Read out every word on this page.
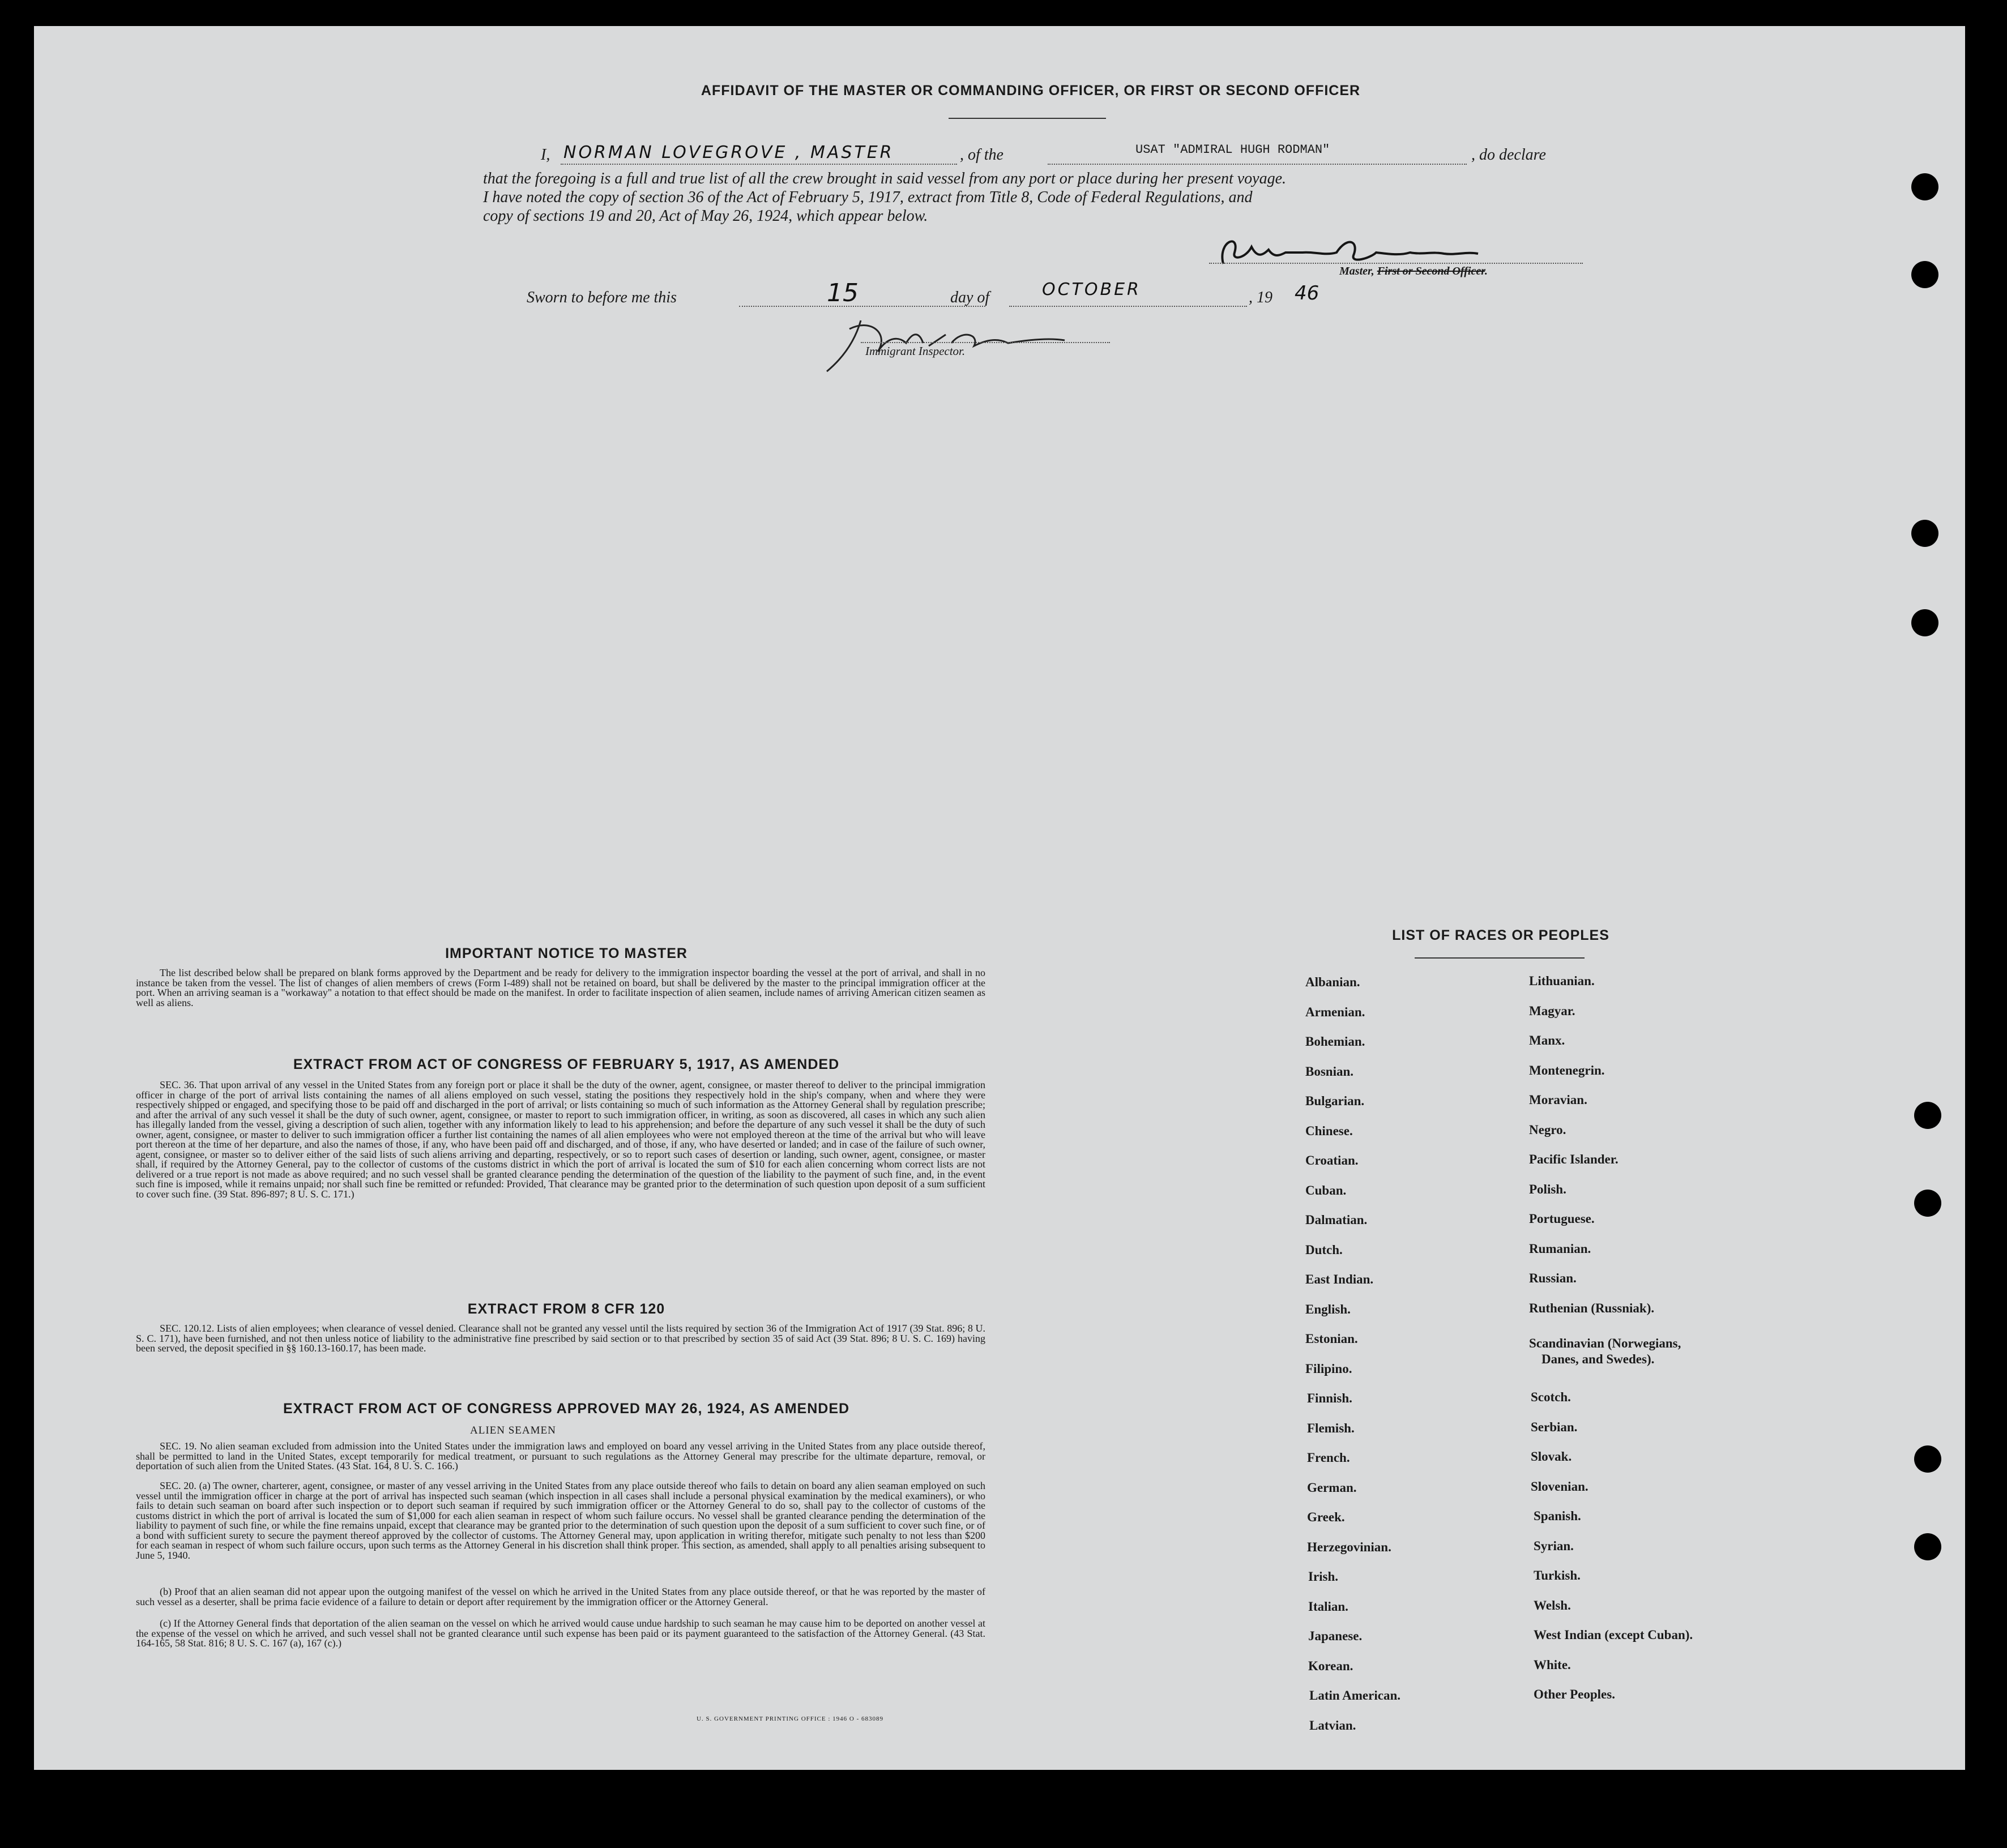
AFFIDAVIT OF THE MASTER OR COMMANDING OFFICER, OR FIRST OR SECOND OFFICER
I, NORMAN LOVEGROVE , MASTER	, of the	USAT "ADMIRAL HUGH RODMAN"	, do declare
that the foregoing is a full and true list of all the crew brought in said vessel from any port or place during her present voyage.
I have noted the copy of section 36 of the Act of February 5, 1917, extract from Title 8, Code of Federal Regulations, and
copy of sections 19 and 20, Act of May 26, 1924, which appear below.
Master, First or Second Officer.
Sworn to before me this	15	day of	OCTOBER	, 19 46
Immigrant Inspector.
IMPORTANT NOTICE TO MASTER
The list described below shall be prepared on blank forms approved by the Department and be ready for delivery to the immigration inspector boarding the vessel at the port of arrival, and shall in no instance be taken from the vessel. The list of changes of alien members of crews (Form I-489) shall not be retained on board, but shall be delivered by the master to the principal immigration officer at the port. When an arriving seaman is a "workaway" a notation to that effect should be made on the manifest. In order to facilitate inspection of alien seamen, include names of arriving American citizen seamen as well as aliens.
EXTRACT FROM ACT OF CONGRESS OF FEBRUARY 5, 1917, AS AMENDED
SEC. 36. That upon arrival of any vessel in the United States from any foreign port or place it shall be the duty of the owner, agent, consignee, or master thereof to deliver to the principal immigration officer in charge of the port of arrival lists containing the names of all aliens employed on such vessel, stating the positions they respectively hold in the ship's company, when and where they were respectively shipped or engaged, and specifying those to be paid off and discharged in the port of arrival; or lists containing so much of such information as the Attorney General shall by regulation prescribe; and after the arrival of any such vessel it shall be the duty of such owner, agent, consignee, or master to report to such immigration officer, in writing, as soon as discovered, all cases in which any such alien has illegally landed from the vessel, giving a description of such alien, together with any information likely to lead to his apprehension; and before the departure of any such vessel it shall be the duty of such owner, agent, consignee, or master to deliver to such immigration officer a further list containing the names of all alien employees who were not employed thereon at the time of the arrival but who will leave port thereon at the time of her departure, and also the names of those, if any, who have been paid off and discharged, and of those, if any, who have deserted or landed; and in case of the failure of such owner, agent, consignee, or master so to deliver either of the said lists of such aliens arriving and departing, respectively, or so to report such cases of desertion or landing, such owner, agent, consignee, or master shall, if required by the Attorney General, pay to the collector of customs of the customs district in which the port of arrival is located the sum of $10 for each alien concerning whom correct lists are not delivered or a true report is not made as above required; and no such vessel shall be granted clearance pending the determination of the question of the liability to the payment of such fine, and, in the event such fine is imposed, while it remains unpaid; nor shall such fine be remitted or refunded: Provided, That clearance may be granted prior to the determination of such question upon deposit of a sum sufficient to cover such fine. (39 Stat. 896-897; 8 U. S. C. 171.)
EXTRACT FROM 8 CFR 120
SEC. 120.12. Lists of alien employees; when clearance of vessel denied. Clearance shall not be granted any vessel until the lists required by section 36 of the Immigration Act of 1917 (39 Stat. 896; 8 U. S. C. 171), have been furnished, and not then unless notice of liability to the administrative fine prescribed by said section or to that prescribed by section 35 of said Act (39 Stat. 896; 8 U. S. C. 169) having been served, the deposit specified in §§ 160.13-160.17, has been made.
EXTRACT FROM ACT OF CONGRESS APPROVED MAY 26, 1924, AS AMENDED
ALIEN SEAMEN
SEC. 19. No alien seaman excluded from admission into the United States under the immigration laws and employed on board any vessel arriving in the United States from any place outside thereof, shall be permitted to land in the United States, except temporarily for medical treatment, or pursuant to such regulations as the Attorney General may prescribe for the ultimate departure, removal, or deportation of such alien from the United States. (43 Stat. 164, 8 U. S. C. 166.)
SEC. 20. (a) The owner, charterer, agent, consignee, or master of any vessel arriving in the United States from any place outside thereof who fails to detain on board any alien seaman employed on such vessel until the immigration officer in charge at the port of arrival has inspected such seaman (which inspection in all cases shall include a personal physical examination by the medical examiners), or who fails to detain such seaman on board after such inspection or to deport such seaman if required by such immigration officer or the Attorney General to do so, shall pay to the collector of customs of the customs district in which the port of arrival is located the sum of $1,000 for each alien seaman in respect of whom such failure occurs. No vessel shall be granted clearance pending the determination of the liability to payment of such fine, or while the fine remains unpaid, except that clearance may be granted prior to the determination of such question upon the deposit of a sum sufficient to cover such fine, or of a bond with sufficient surety to secure the payment thereof approved by the collector of customs. The Attorney General may, upon application in writing therefor, mitigate such penalty to not less than $200 for each seaman in respect of whom such failure occurs, upon such terms as the Attorney General in his discretion shall think proper. This section, as amended, shall apply to all penalties arising subsequent to June 5, 1940.
(b) Proof that an alien seaman did not appear upon the outgoing manifest of the vessel on which he arrived in the United States from any place outside thereof, or that he was reported by the master of such vessel as a deserter, shall be prima facie evidence of a failure to detain or deport after requirement by the immigration officer or the Attorney General.
(c) If the Attorney General finds that deportation of the alien seaman on the vessel on which he arrived would cause undue hardship to such seaman he may cause him to be deported on another vessel at the expense of the vessel on which he arrived, and such vessel shall not be granted clearance until such expense has been paid or its payment guaranteed to the satisfaction of the Attorney General. (43 Stat. 164-165, 58 Stat. 816; 8 U. S. C. 167 (a), 167 (c).)
U. S. GOVERNMENT PRINTING OFFICE : 1946 O - 683089
LIST OF RACES OR PEOPLES
Albanian.
Armenian.
Bohemian.
Bosnian.
Bulgarian.
Chinese.
Croatian.
Cuban.
Dalmatian.
Dutch.
East Indian.
English.
Estonian.
Filipino.
Finnish.
Flemish.
French.
German.
Greek.
Herzegovinian.
Irish.
Italian.
Japanese.
Korean.
Latin American.
Latvian.
Lithuanian.
Magyar.
Manx.
Montenegrin.
Moravian.
Negro.
Pacific Islander.
Polish.
Portuguese.
Rumanian.
Russian.
Ruthenian (Russniak).
Scandinavian (Norwegians,
Danes, and Swedes).
Scotch.
Serbian.
Slovak.
Slovenian.
Spanish.
Syrian.
Turkish.
Welsh.
West Indian (except Cuban).
White.
Other Peoples.
